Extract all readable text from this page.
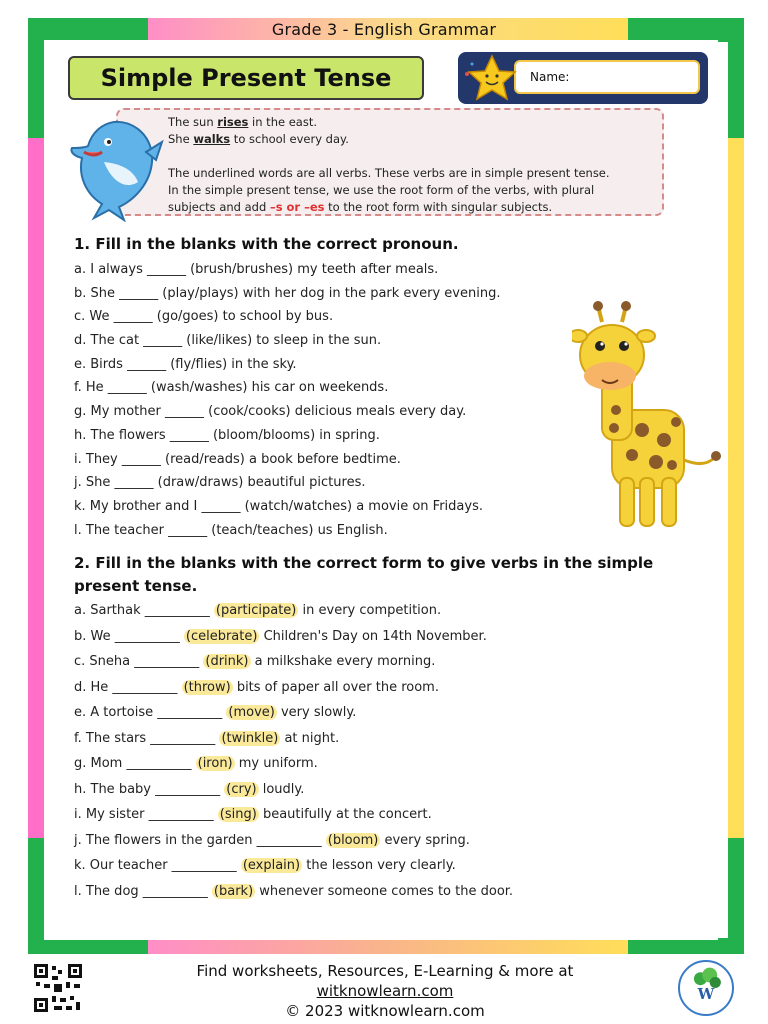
Grade 3 - English Grammar
Simple Present Tense	Name:
The sun rises in the east.
She walks to school every day.
The underlined words are all verbs. These verbs are in simple present tense.
In the simple present tense, we use the root form of the verbs, with plural
subjects and add –s or –es to the root form with singular subjects.
1. Fill in the blanks with the correct pronoun.
a. I always ______ (brush/brushes) my teeth after meals.
b. She ______ (play/plays) with her dog in the park every evening.
c. We ______ (go/goes) to school by bus.
d. The cat ______ (like/likes) to sleep in the sun.
e. Birds ______ (fly/flies) in the sky.
f. He ______ (wash/washes) his car on weekends.
g. My mother ______ (cook/cooks) delicious meals every day.
h. The flowers ______ (bloom/blooms) in spring.
i. They ______ (read/reads) a book before bedtime.
j. She ______ (draw/draws) beautiful pictures.
k. My brother and I ______ (watch/watches) a movie on Fridays.
l. The teacher ______ (teach/teaches) us English.
2. Fill in the blanks with the correct form to give verbs in the simple present tense.
a. Sarthak __________ (participate) in every competition.
b. We __________ (celebrate) Children's Day on 14th November.
c. Sneha __________ (drink) a milkshake every morning.
d. He __________ (throw) bits of paper all over the room.
e. A tortoise __________ (move) very slowly.
f. The stars __________ (twinkle) at night.
g. Mom __________ (iron) my uniform.
h. The baby __________ (cry) loudly.
i. My sister __________ (sing) beautifully at the concert.
j. The flowers in the garden __________ (bloom) every spring.
k. Our teacher __________ (explain) the lesson very clearly.
l. The dog __________ (bark) whenever someone comes to the door.
Find worksheets, Resources, E-Learning & more at
witknowlearn.com
© 2023 witknowlearn.com
W
